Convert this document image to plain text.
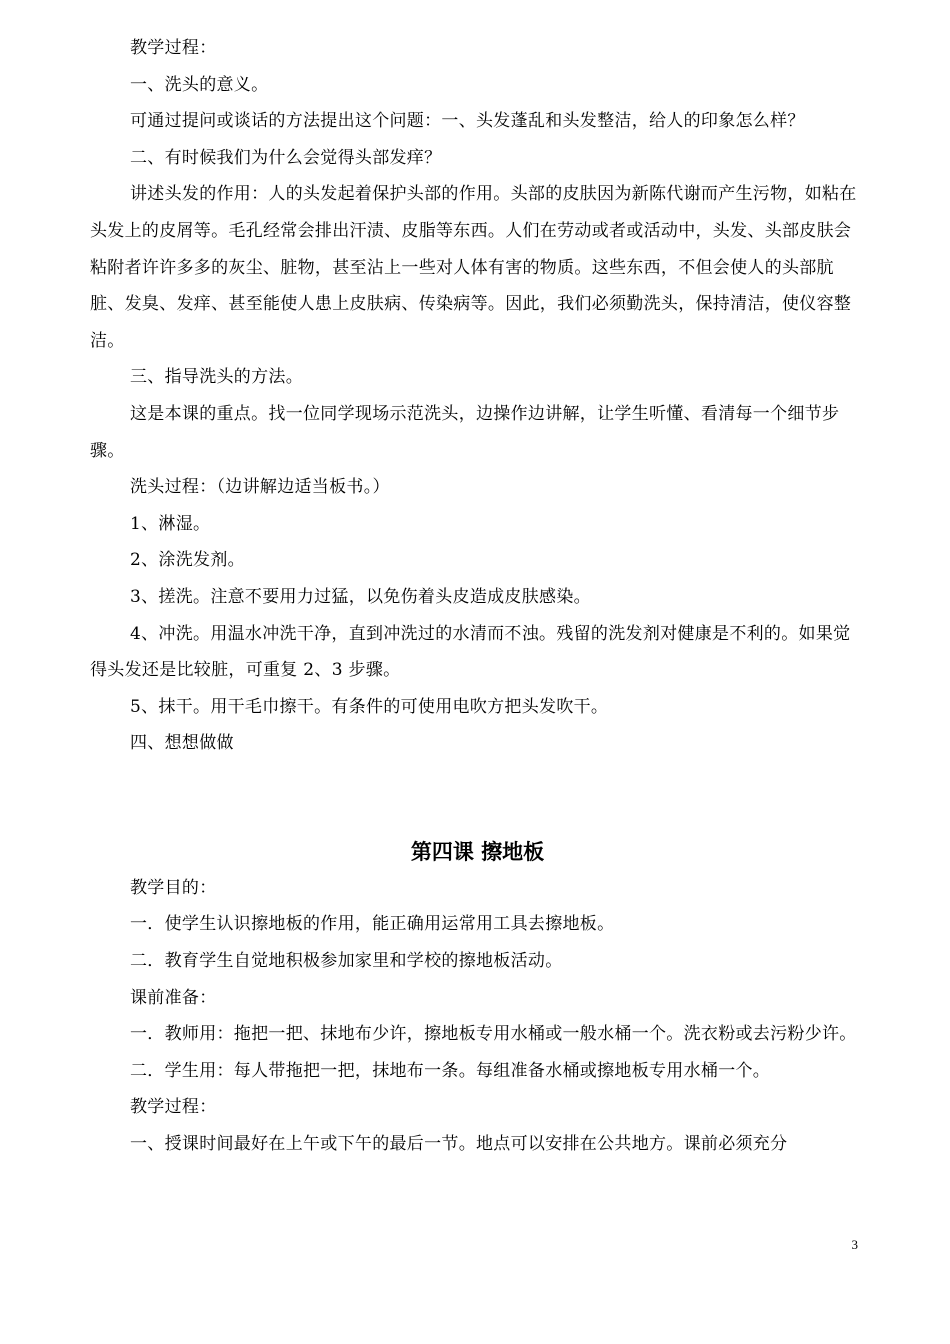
教学过程：

一、洗头的意义。

可通过提问或谈话的方法提出这个问题：一、头发蓬乱和头发整洁，给人的印象怎么样？

二、有时候我们为什么会觉得头部发痒？

讲述头发的作用：人的头发起着保护头部的作用。头部的皮肤因为新陈代谢而产生污物，如粘在头发上的皮屑等。毛孔经常会排出汗渍、皮脂等东西。人们在劳动或者或活动中，头发、头部皮肤会粘附者许许多多的灰尘、脏物，甚至沾上一些对人体有害的物质。这些东西，不但会使人的头部肮脏、发臭、发痒、甚至能使人患上皮肤病、传染病等。因此，我们必须勤洗头，保持清洁，使仪容整洁。

三、指导洗头的方法。

这是本课的重点。找一位同学现场示范洗头，边操作边讲解，让学生听懂、看清每一个细节步骤。

洗头过程：（边讲解边适当板书。）

1、淋湿。

2、涂洗发剂。

3、搓洗。注意不要用力过猛，以免伤着头皮造成皮肤感染。

4、冲洗。用温水冲洗干净，直到冲洗过的水清而不浊。残留的洗发剂对健康是不利的。如果觉得头发还是比较脏，可重复 2、3 步骤。

5、抹干。用干毛巾擦干。有条件的可使用电吹方把头发吹干。

四、想想做做

第四课 擦地板

教学目的：

一．使学生认识擦地板的作用，能正确用运常用工具去擦地板。

二．教育学生自觉地积极参加家里和学校的擦地板活动。

课前准备：

一．教师用：拖把一把、抹地布少许，擦地板专用水桶或一般水桶一个。洗衣粉或去污粉少许。

二．学生用：每人带拖把一把，抹地布一条。每组准备水桶或擦地板专用水桶一个。

教学过程：

一、授课时间最好在上午或下午的最后一节。地点可以安排在公共地方。课前必须充分

3
